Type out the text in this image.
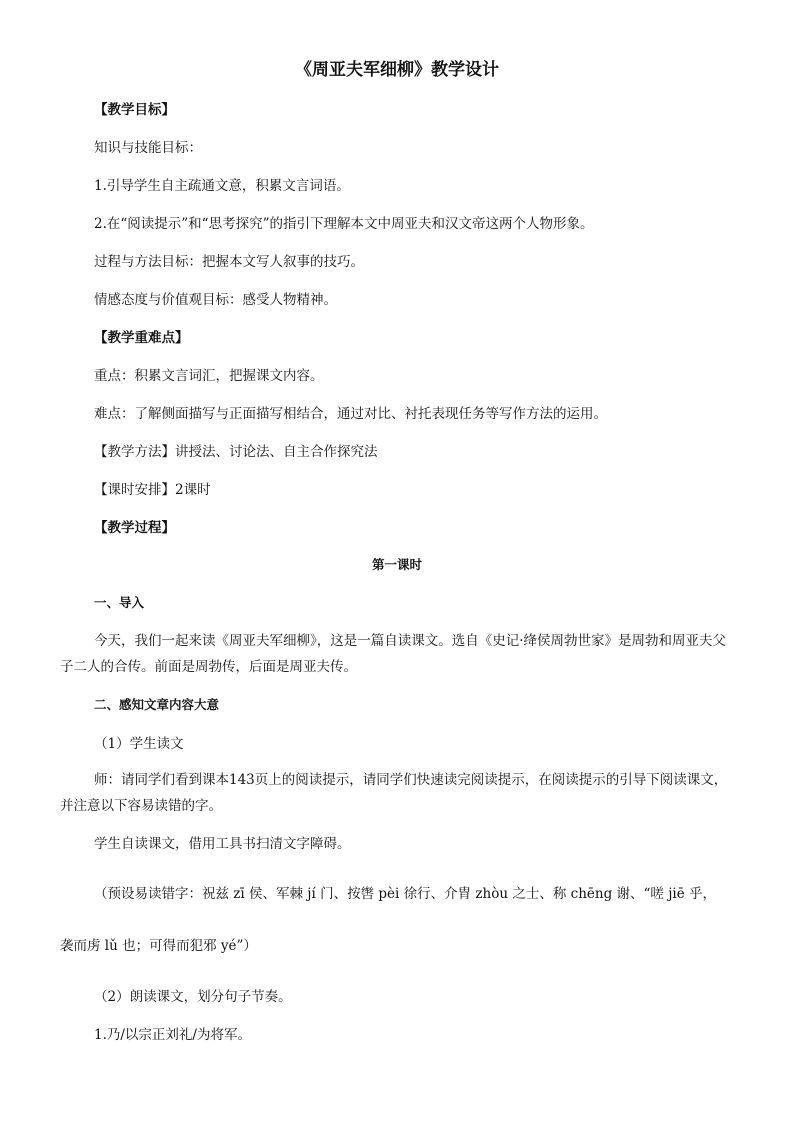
《周亚夫军细柳》教学设计
【教学目标】
知识与技能目标：
1.引导学生自主疏通文意，积累文言词语。
2.在“阅读提示”和“思考探究”的指引下理解本文中周亚夫和汉文帝这两个人物形象。
过程与方法目标：把握本文写人叙事的技巧。
情感态度与价值观目标：感受人物精神。
【教学重难点】
重点：积累文言词汇，把握课文内容。
难点：了解侧面描写与正面描写相结合，通过对比、衬托表现任务等写作方法的运用。
【教学方法】讲授法、讨论法、自主合作探究法
【课时安排】2课时
【教学过程】
第一课时
一、导入
今天，我们一起来读《周亚夫军细柳》，这是一篇自读课文。选自《史记·绛侯周勃世家》是周勃和周亚夫父子二人的合传。前面是周勃传，后面是周亚夫传。
二、感知文章内容大意
（1）学生读文
师：请同学们看到课本143页上的阅读提示，请同学们快速读完阅读提示，在阅读提示的引导下阅读课文，并注意以下容易读错的字。
学生自读课文，借用工具书扫清文字障碍。
（预设易读错字：祝兹 zī 侯、军棘 jí 门、按辔 pèi 徐行、介胄 zhòu 之士、称 chēng 谢、“嗟 jiē 乎，
袭而虏 lǔ 也；可得而犯邪 yé”）
（2）朗读课文，划分句子节奏。
1.乃/以宗正刘礼/为将军。
